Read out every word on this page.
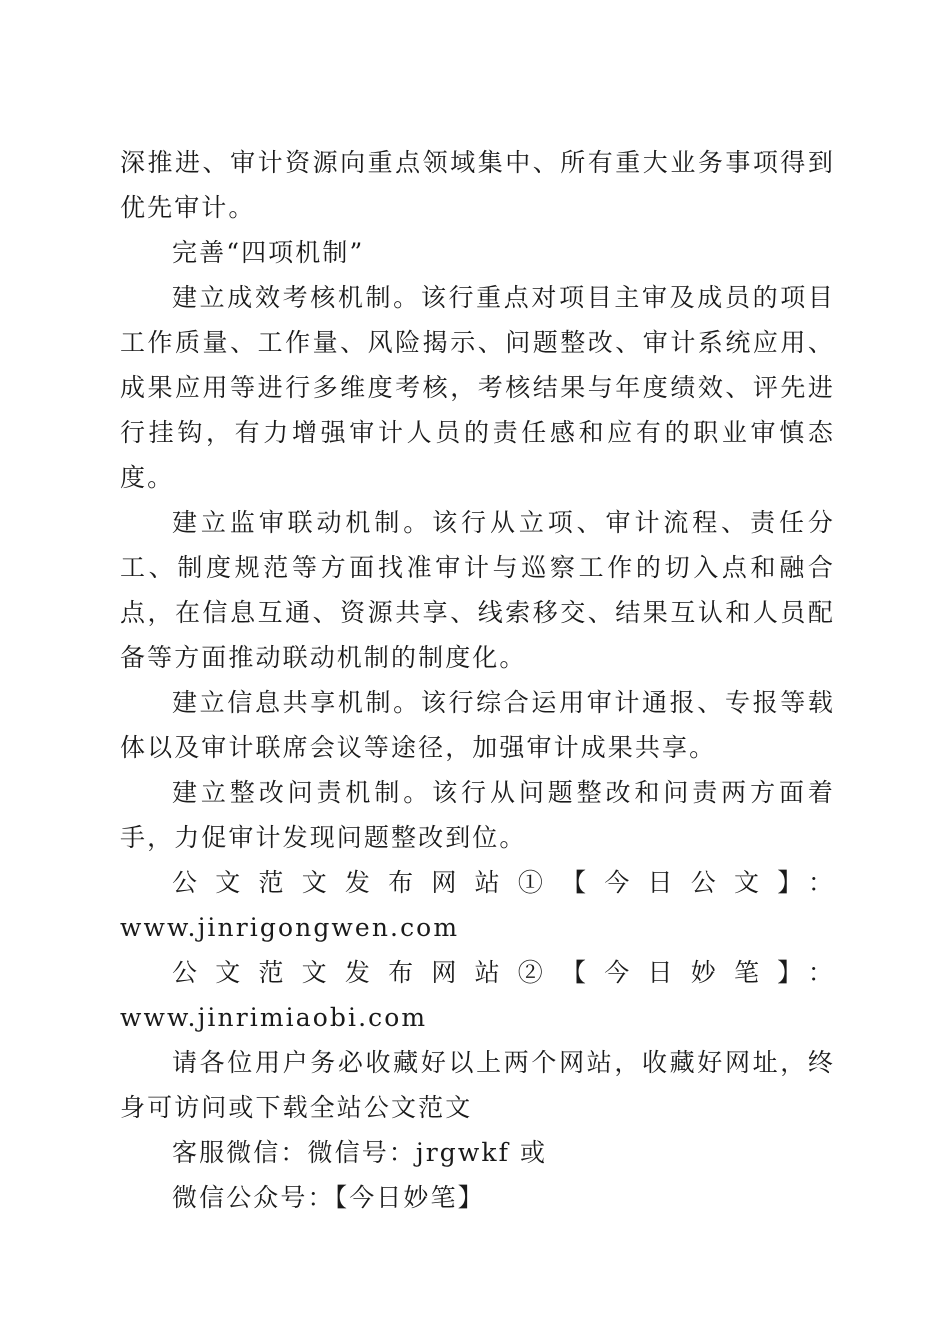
深推进、审计资源向重点领域集中、所有重大业务事项得到优先审计。

完善“四项机制”

建立成效考核机制。该行重点对项目主审及成员的项目工作质量、工作量、风险揭示、问题整改、审计系统应用、成果应用等进行多维度考核，考核结果与年度绩效、评先进行挂钩，有力增强审计人员的责任感和应有的职业审慎态度。

建立监审联动机制。该行从立项、审计流程、责任分工、制度规范等方面找准审计与巡察工作的切入点和融合点，在信息互通、资源共享、线索移交、结果互认和人员配备等方面推动联动机制的制度化。

建立信息共享机制。该行综合运用审计通报、专报等载体以及审计联席会议等途径，加强审计成果共享。

建立整改问责机制。该行从问题整改和问责两方面着手，力促审计发现问题整改到位。

公文范文发布网站①【今日公文】：

www.jinrigongwen.com

公文范文发布网站②【今日妙笔】：www.jinrimiaobi.com

请各位用户务必收藏好以上两个网站，收藏好网址，终身可访问或下载全站公文范文

客服微信：微信号：jrgwkf 或

微信公众号：【今日妙笔】
